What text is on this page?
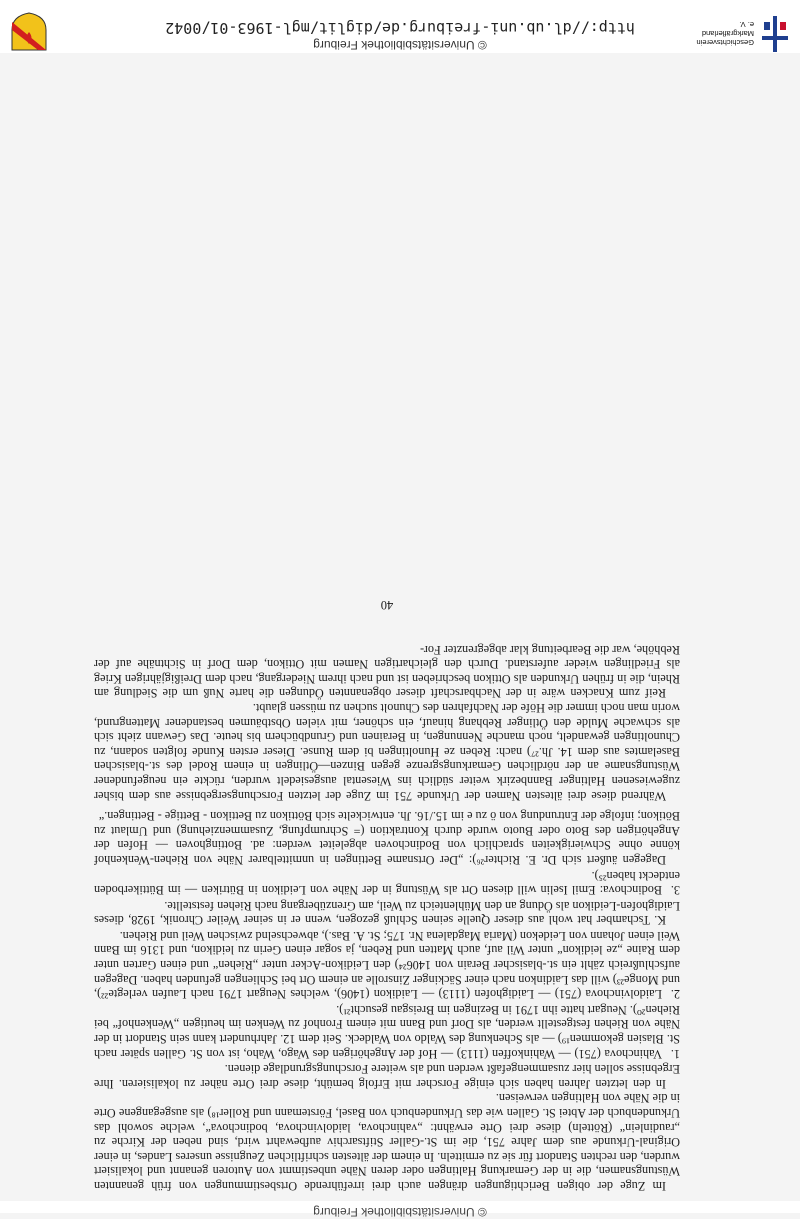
© Universitätsbibliothek Freiburg

Im Zuge der obigen Berichtigungen drängen auch drei irreführende Ortsbestimmungen von früh genannten Wüstungsnamen, die in der Gemarkung Haltingen oder deren Nähe unbestimmt von Autoren genannt und lokalisiert wurden, den rechten Standort für sie zu ermitteln. In einem der ältesten schriftlichen Zeugnisse unseres Landes, in einer Original-Urkunde aus dem Jahre 751, die im St.-Galler Stiftsarchiv aufbewahrt wird, sind neben der Kirche zu „raudinlein“ (Rötteln) diese drei Orte erwähnt: „vahinchova, laidolvinchova, bodinchova“, welche sowohl das Urkundenbuch der Abtei St. Gallen wie das Urkundenbuch von Basel, Förstemann und Roller¹⁸) als ausgegangene Orte in die Nähe von Haltingen verweisen.

In den letzten Jahren haben sich einige Forscher mit Erfolg bemüht, diese drei Orte näher zu lokalisieren. Ihre Ergebnisse sollen hier zusammengefaßt werden und als weitere Forschungsgrundlage dienen.

1.Vahinchova (751) — Wahinkoffen (1113) — Hof der Angehörigen des Wago, Waho, ist von St. Gallen später nach St. Blasien gekommen¹⁹) — als Schenkung des Waldo von Waldeck. Seit dem 12. Jahrhundert kann sein Standort in der Nähe von Riehen festgestellt werden, als Dorf und Bann mit einem Fronhof zu Wenken im heutigen „Wenkenhof“ bei Riehen²⁰). Neugart hatte ihn 1791 in Bezingen im Breisgau gesucht²¹).

2.Laidolvinchova (751) — Laidighofen (1113) — Laidikon (1406), welches Neugart 1791 nach Laufen verlegte²²), und Monge²³) will das Laidinkon nach einer Säckinger Zinsrolle an einem Ort bei Schliengen gefunden haben. Dagegen aufschlußreich zählt ein st.-blasischer Berain von 1406²⁴) den Leidikon-Acker unter „Riehen“ und einen Garten unter dem Raine „ze leidikon“ unter Wil auf, auch Matten und Reben, ja sogar einen Gerin zu leidikon, und 1316 im Bann Weil einen Johann von Leidekon (Maria Magdalena Nr. 175; St. A. Bas.), abwechselnd zwischen Weil und Riehen.

K. Tschamber hat wohl aus dieser Quelle seinen Schluß gezogen, wenn er in seiner Weiler Chronik, 1928, dieses Laidighofen-Leidikon als Ödung an den Mühlenteich zu Weil, am Grenzübergang nach Riehen feststellte.

3.Bodinchova: Emil Iselin will diesen Ort als Wüstung in der Nähe von Leidikon in Bütriken — im Büttikerboden entdeckt haben²⁵).

Dagegen äußert sich Dr. E. Richter²⁶): „Der Ortsname Bettingen in unmittelbarer Nähe von Riehen-Wenkenhof könne ohne Schwierigkeiten sprachlich von Bodinchoven abgeleitet werden: ad. Bottinghoven — Hofen der Angehörigen des Boto oder Buoto wurde durch Kontraktion (= Schrumpfung, Zusammenziehung) und Umlaut zu Bötikon; infolge der Entrundung von ö zu e im 15./16. Jh. entwickelte sich Böttikon zu Bettikon - Bettige - Bettingen.“

Während diese drei ältesten Namen der Urkunde 751 im Zuge der letzten Forschungsergebnisse aus dem bisher zugewiesenen Haltinger Bannbezirk weiter südlich ins Wiesental ausgesiedelt wurden, rückte ein neugefundener Wüstungsname an der nördlichen Gemarkungsgrenze gegen Binzen—Ötlingen in einem Rodel des st.-blasischen Baselamtes aus dem 14. Jh.²⁷) nach: Reben ze Hunoltingen bi dem Runse. Dieser ersten Kunde folgten sodann, zu Chunoltingen gewandelt, noch manche Nennungen, in Berainen und Grundbüchern bis heute. Das Gewann zieht sich als schwache Mulde den Ötlinger Rebhang hinauf, ein schöner, mit vielen Obstbäumen bestandener Mattengrund, worin man noch immer die Höfe der Nachfahren des Chunolt suchen zu müssen glaubt.

Reif zum Knacken wäre in der Nachbarschaft dieser obgenannten Ödungen die harte Nuß um die Siedlung am Rhein, die in frühen Urkunden als Ottikon beschrieben ist und nach ihrem Niedergang, nach dem Dreißigjährigen Krieg als Friedlingen wieder auferstand. Durch den gleichartigen Namen mit Ottikon, dem Dorf in Sichtnähe auf der Rebhöhe, war die Bearbeitung klar abgegrenzter For-

40
Geschichtsverein
Markgräflerland e. V.
© Universitätsbibliothek Freiburg
http://dl.ub.uni-freiburg.de/diglit/mgl-1963-01/0042
